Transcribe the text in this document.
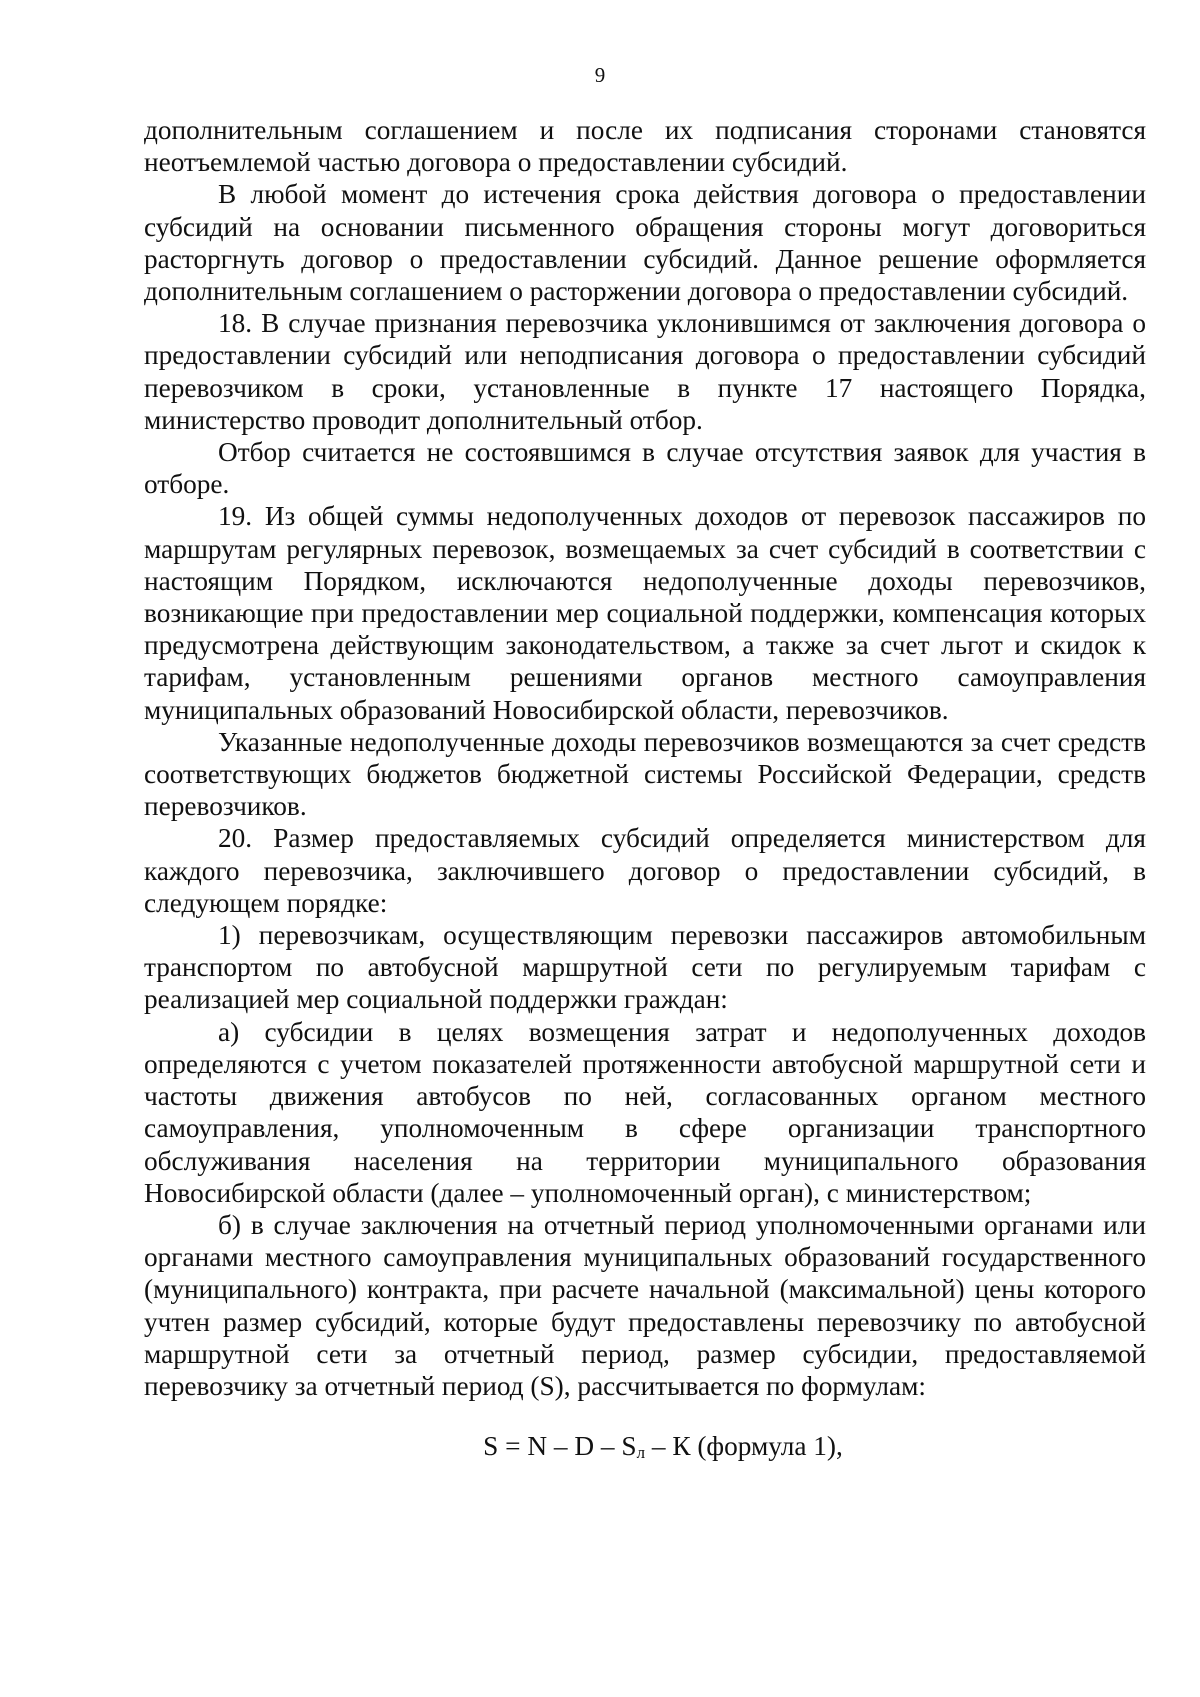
9

дополнительным соглашением и после их подписания сторонами становятся неотъемлемой частью договора о предоставлении субсидий.

В любой момент до истечения срока действия договора о предоставлении субсидий на основании письменного обращения стороны могут договориться расторгнуть договор о предоставлении субсидий. Данное решение оформляется дополнительным соглашением о расторжении договора о предоставлении субсидий.

18. В случае признания перевозчика уклонившимся от заключения договора о предоставлении субсидий или неподписания договора о предоставлении субсидий перевозчиком в сроки, установленные в пункте 17 настоящего Порядка, министерство проводит дополнительный отбор.

Отбор считается не состоявшимся в случае отсутствия заявок для участия в отборе.

19. Из общей суммы недополученных доходов от перевозок пассажиров по маршрутам регулярных перевозок, возмещаемых за счет субсидий в соответствии с настоящим Порядком, исключаются недополученные доходы перевозчиков, возникающие при предоставлении мер социальной поддержки, компенсация которых предусмотрена действующим законодательством, а также за счет льгот и скидок к тарифам, установленным решениями органов местного самоуправления муниципальных образований Новосибирской области, перевозчиков.

Указанные недополученные доходы перевозчиков возмещаются за счет средств соответствующих бюджетов бюджетной системы Российской Федерации, средств перевозчиков.

20. Размер предоставляемых субсидий определяется министерством для каждого перевозчика, заключившего договор о предоставлении субсидий, в следующем порядке:

1) перевозчикам, осуществляющим перевозки пассажиров автомобильным транспортом по автобусной маршрутной сети по регулируемым тарифам с реализацией мер социальной поддержки граждан:

а) субсидии в целях возмещения затрат и недополученных доходов определяются с учетом показателей протяженности автобусной маршрутной сети и частоты движения автобусов по ней, согласованных органом местного самоуправления, уполномоченным в сфере организации транспортного обслуживания населения на территории муниципального образования Новосибирской области (далее – уполномоченный орган), с министерством;

б) в случае заключения на отчетный период уполномоченными органами или органами местного самоуправления муниципальных образований государственного (муниципального) контракта, при расчете начальной (максимальной) цены которого учтен размер субсидий, которые будут предоставлены перевозчику по автобусной маршрутной сети за отчетный период, размер субсидии, предоставляемой перевозчику за отчетный период (S), рассчитывается по формулам:

S = N – D – Sл – К (формула 1),
